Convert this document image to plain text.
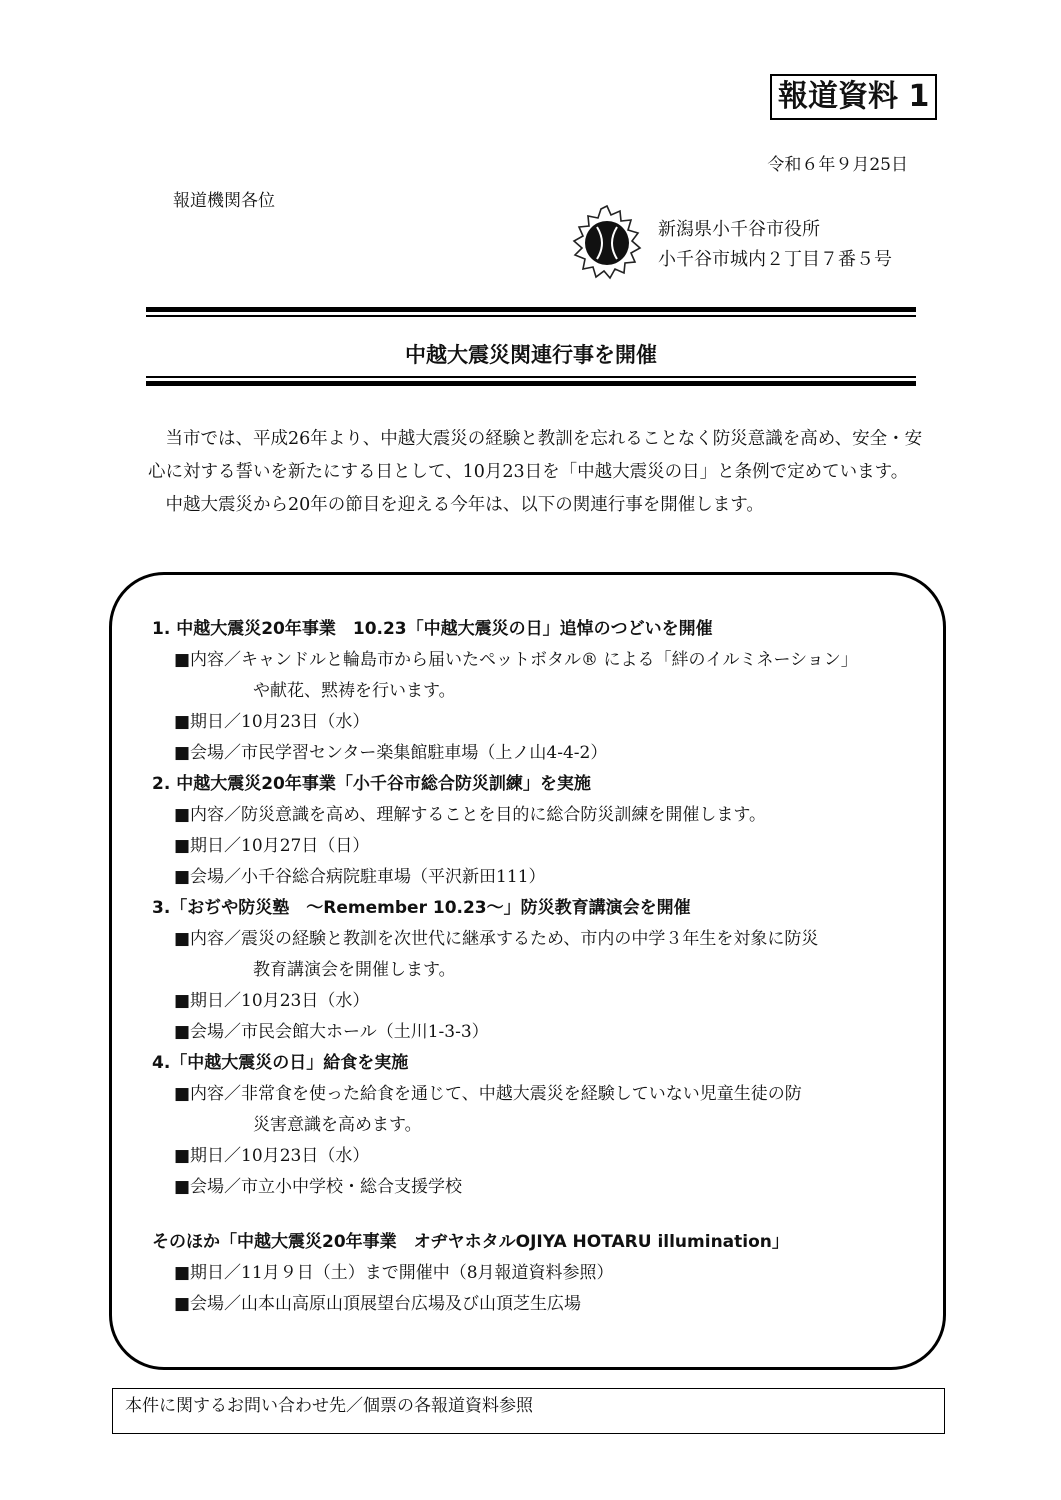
報道資料 1
令和６年９月25日
報道機関各位
新潟県小千谷市役所
小千谷市城内２丁目７番５号
中越大震災関連行事を開催

当市では、平成26年より、中越大震災の経験と教訓を忘れることなく防災意識を高め、安全・安心に対する誓いを新たにする日として、10月23日を「中越大震災の日」と条例で定めています。

中越大震災から20年の節目を迎える今年は、以下の関連行事を開催します。

1. 中越大震災20年事業　10.23「中越大震災の日」追悼のつどいを開催
■内容／キャンドルと輪島市から届いたペットボタル® による「絆のイルミネーション」
や献花、黙祷を行います。
■期日／10月23日（水）
■会場／市民学習センター楽集館駐車場（上ノ山4-4-2）
2. 中越大震災20年事業「小千谷市総合防災訓練」を実施
■内容／防災意識を高め、理解することを目的に総合防災訓練を開催します。
■期日／10月27日（日）
■会場／小千谷総合病院駐車場（平沢新田111）
3.「おぢや防災塾　～Remember 10.23～」防災教育講演会を開催
■内容／震災の経験と教訓を次世代に継承するため、市内の中学３年生を対象に防災
教育講演会を開催します。
■期日／10月23日（水）
■会場／市民会館大ホール（土川1-3-3）
4.「中越大震災の日」給食を実施
■内容／非常食を使った給食を通じて、中越大震災を経験していない児童生徒の防
災害意識を高めます。
■期日／10月23日（水）
■会場／市立小中学校・総合支援学校
そのほか「中越大震災20年事業　オヂヤホタルOJIYA HOTARU illumination」
■期日／11月９日（土）まで開催中（8月報道資料参照）
■会場／山本山高原山頂展望台広場及び山頂芝生広場
本件に関するお問い合わせ先／個票の各報道資料参照
